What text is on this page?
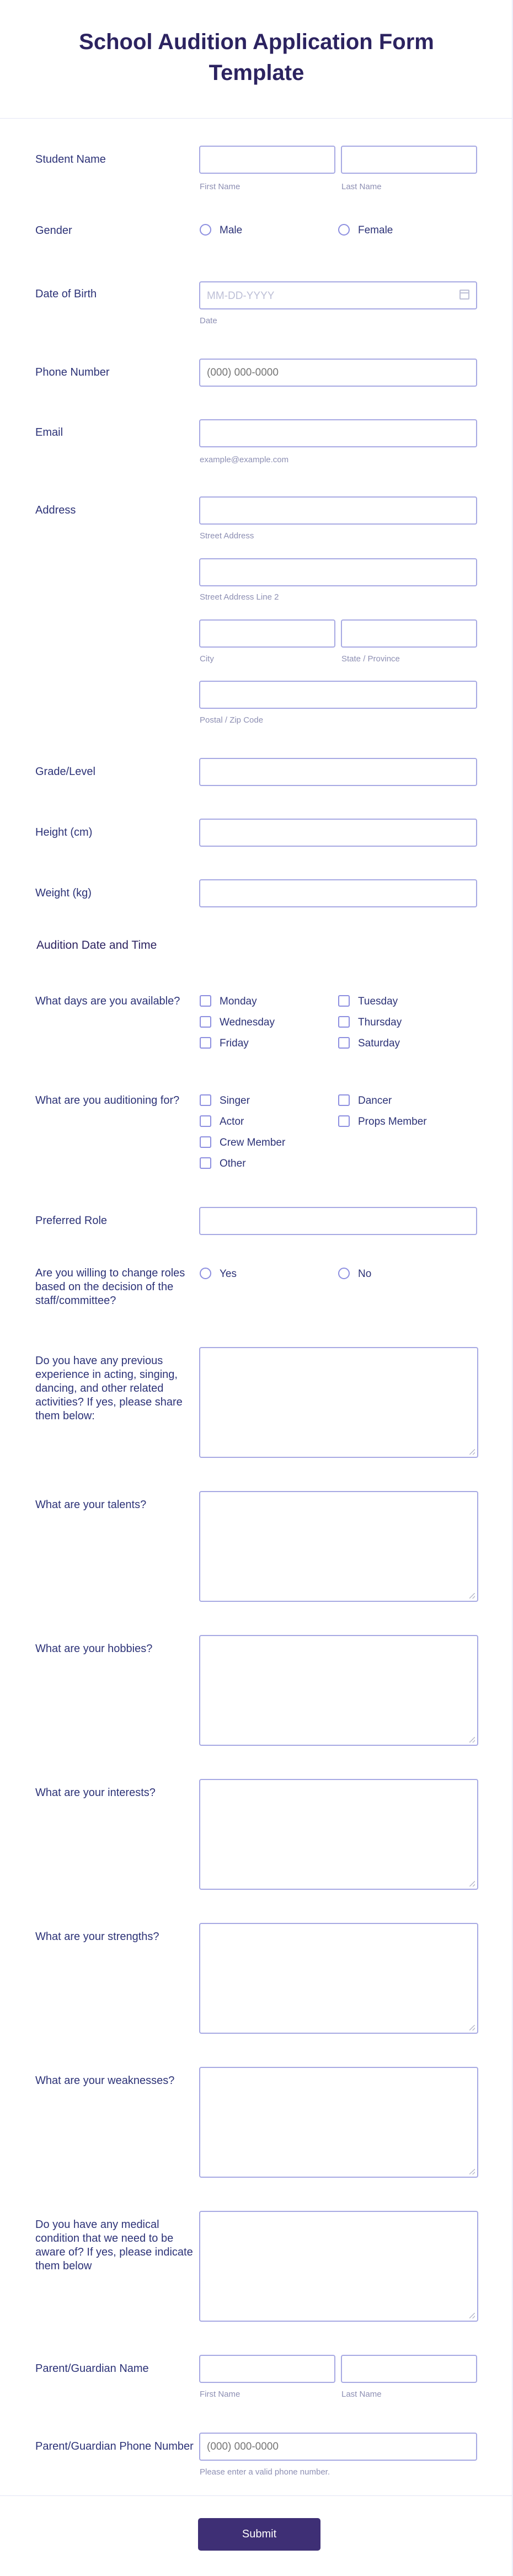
School Audition Application Form Template
Student Name
First Name	Last Name
Gender	Male	Female
Date of Birth	MM-DD-YYYY
Date
Phone Number
(000) 000-0000
Email
example@example.com
Address
Street Address
Street Address Line 2
City	State / Province
Postal / Zip Code
Grade/Level
Height (cm)
Weight (kg)
Audition Date and Time
What days are you available?	Monday	Tuesday
Wednesday	Thursday
Friday	Saturday
What are you auditioning for?	Singer	Dancer
Actor	Props Member
Crew Member
Other
Preferred Role
Are you willing to change roles based on the decision of the staff/committee?
Yes	No
Do you have any previous experience in acting, singing, dancing, and other related activities? If yes, please share them below:
What are your talents?
What are your hobbies?
What are your interests?
What are your strengths?
What are your weaknesses?
Do you have any medical condition that we need to be aware of? If yes, please indicate them below
Parent/Guardian Name
First Name	Last Name
Parent/Guardian Phone Number
(000) 000-0000
Please enter a valid phone number.
Submit
